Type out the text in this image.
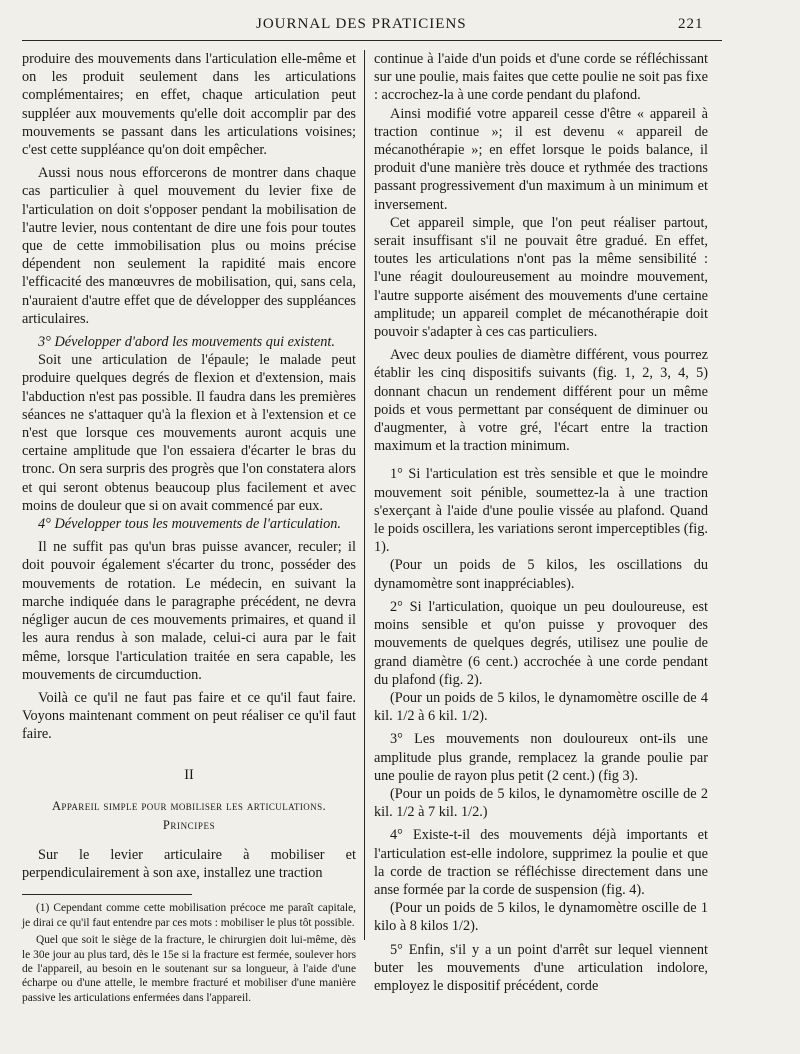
JOURNAL DES PRATICIENS	221

produire des mouvements dans l'articulation elle-même et on les produit seulement dans les articulations complémentaires; en effet, chaque articulation peut suppléer aux mouvements qu'elle doit accomplir par des mouvements se passant dans les articulations voisines; c'est cette suppléance qu'on doit empêcher.

Aussi nous nous efforcerons de montrer dans chaque cas particulier à quel mouvement du levier fixe de l'articulation on doit s'opposer pendant la mobilisation de l'autre levier, nous contentant de dire une fois pour toutes que de cette immobilisation plus ou moins précise dépendent non seulement la rapidité mais encore l'efficacité des manœuvres de mobilisation, qui, sans cela, n'auraient d'autre effet que de développer des suppléances articulaires.

3° Développer d'abord les mouvements qui existent.

Soit une articulation de l'épaule; le malade peut produire quelques degrés de flexion et d'extension, mais l'abduction n'est pas possible. Il faudra dans les premières séances ne s'attaquer qu'à la flexion et à l'extension et ce n'est que lorsque ces mouvements auront acquis une certaine amplitude que l'on essaiera d'écarter le bras du tronc. On sera surpris des progrès que l'on constatera alors et qui seront obtenus beaucoup plus facilement et avec moins de douleur que si on avait commencé par eux.

4° Développer tous les mouvements de l'articulation.

Il ne suffit pas qu'un bras puisse avancer, reculer; il doit pouvoir également s'écarter du tronc, posséder des mouvements de rotation. Le médecin, en suivant la marche indiquée dans le paragraphe précédent, ne devra négliger aucun de ces mouvements primaires, et quand il les aura rendus à son malade, celui-ci aura par le fait même, lorsque l'articulation traitée en sera capable, les mouvements de circumduction.

Voilà ce qu'il ne faut pas faire et ce qu'il faut faire. Voyons maintenant comment on peut réaliser ce qu'il faut faire.

II
Appareil simple pour mobiliser les articulations.
Principes

Sur le levier articulaire à mobiliser et perpendiculairement à son axe, installez une traction

(1) Cependant comme cette mobilisation précoce me paraît capitale, je dirai ce qu'il faut entendre par ces mots : mobiliser le plus tôt possible.

Quel que soit le siège de la fracture, le chirurgien doit lui-même, dès le 30e jour au plus tard, dès le 15e si la fracture est fermée, soulever hors de l'appareil, au besoin en le soutenant sur sa longueur, à l'aide d'une écharpe ou d'une attelle, le membre fracturé et mobiliser d'une manière passive les articulations enfermées dans l'appareil.

continue à l'aide d'un poids et d'une corde se réfléchissant sur une poulie, mais faites que cette poulie ne soit pas fixe : accrochez-la à une corde pendant du plafond.

Ainsi modifié votre appareil cesse d'être « appareil à traction continue »; il est devenu « appareil de mécanothérapie »; en effet lorsque le poids balance, il produit d'une manière très douce et rythmée des tractions passant progressivement d'un maximum à un minimum et inversement.

Cet appareil simple, que l'on peut réaliser partout, serait insuffisant s'il ne pouvait être gradué. En effet, toutes les articulations n'ont pas la même sensibilité : l'une réagit douloureusement au moindre mouvement, l'autre supporte aisément des mouvements d'une certaine amplitude; un appareil complet de mécanothérapie doit pouvoir s'adapter à ces cas particuliers.

Avec deux poulies de diamètre différent, vous pourrez établir les cinq dispositifs suivants (fig. 1, 2, 3, 4, 5) donnant chacun un rendement différent pour un même poids et vous permettant par conséquent de diminuer ou d'augmenter, à votre gré, l'écart entre la traction maximum et la traction minimum.

1° Si l'articulation est très sensible et que le moindre mouvement soit pénible, soumettez-la à une traction s'exerçant à l'aide d'une poulie vissée au plafond. Quand le poids oscillera, les variations seront imperceptibles (fig. 1).

(Pour un poids de 5 kilos, les oscillations du dynamomètre sont inappréciables).

2° Si l'articulation, quoique un peu douloureuse, est moins sensible et qu'on puisse y provoquer des mouvements de quelques degrés, utilisez une poulie de grand diamètre (6 cent.) accrochée à une corde pendant du plafond (fig. 2).

(Pour un poids de 5 kilos, le dynamomètre oscille de 4 kil. 1/2 à 6 kil. 1/2).

3° Les mouvements non douloureux ont-ils une amplitude plus grande, remplacez la grande poulie par une poulie de rayon plus petit (2 cent.) (fig 3).

(Pour un poids de 5 kilos, le dynamomètre oscille de 2 kil. 1/2 à 7 kil. 1/2.)

4° Existe-t-il des mouvements déjà importants et l'articulation est-elle indolore, supprimez la poulie et que la corde de traction se réfléchisse directement dans une anse formée par la corde de suspension (fig. 4).

(Pour un poids de 5 kilos, le dynamomètre oscille de 1 kilo à 8 kilos 1/2).

5° Enfin, s'il y a un point d'arrêt sur lequel viennent buter les mouvements d'une articulation indolore, employez le dispositif précédent, corde
